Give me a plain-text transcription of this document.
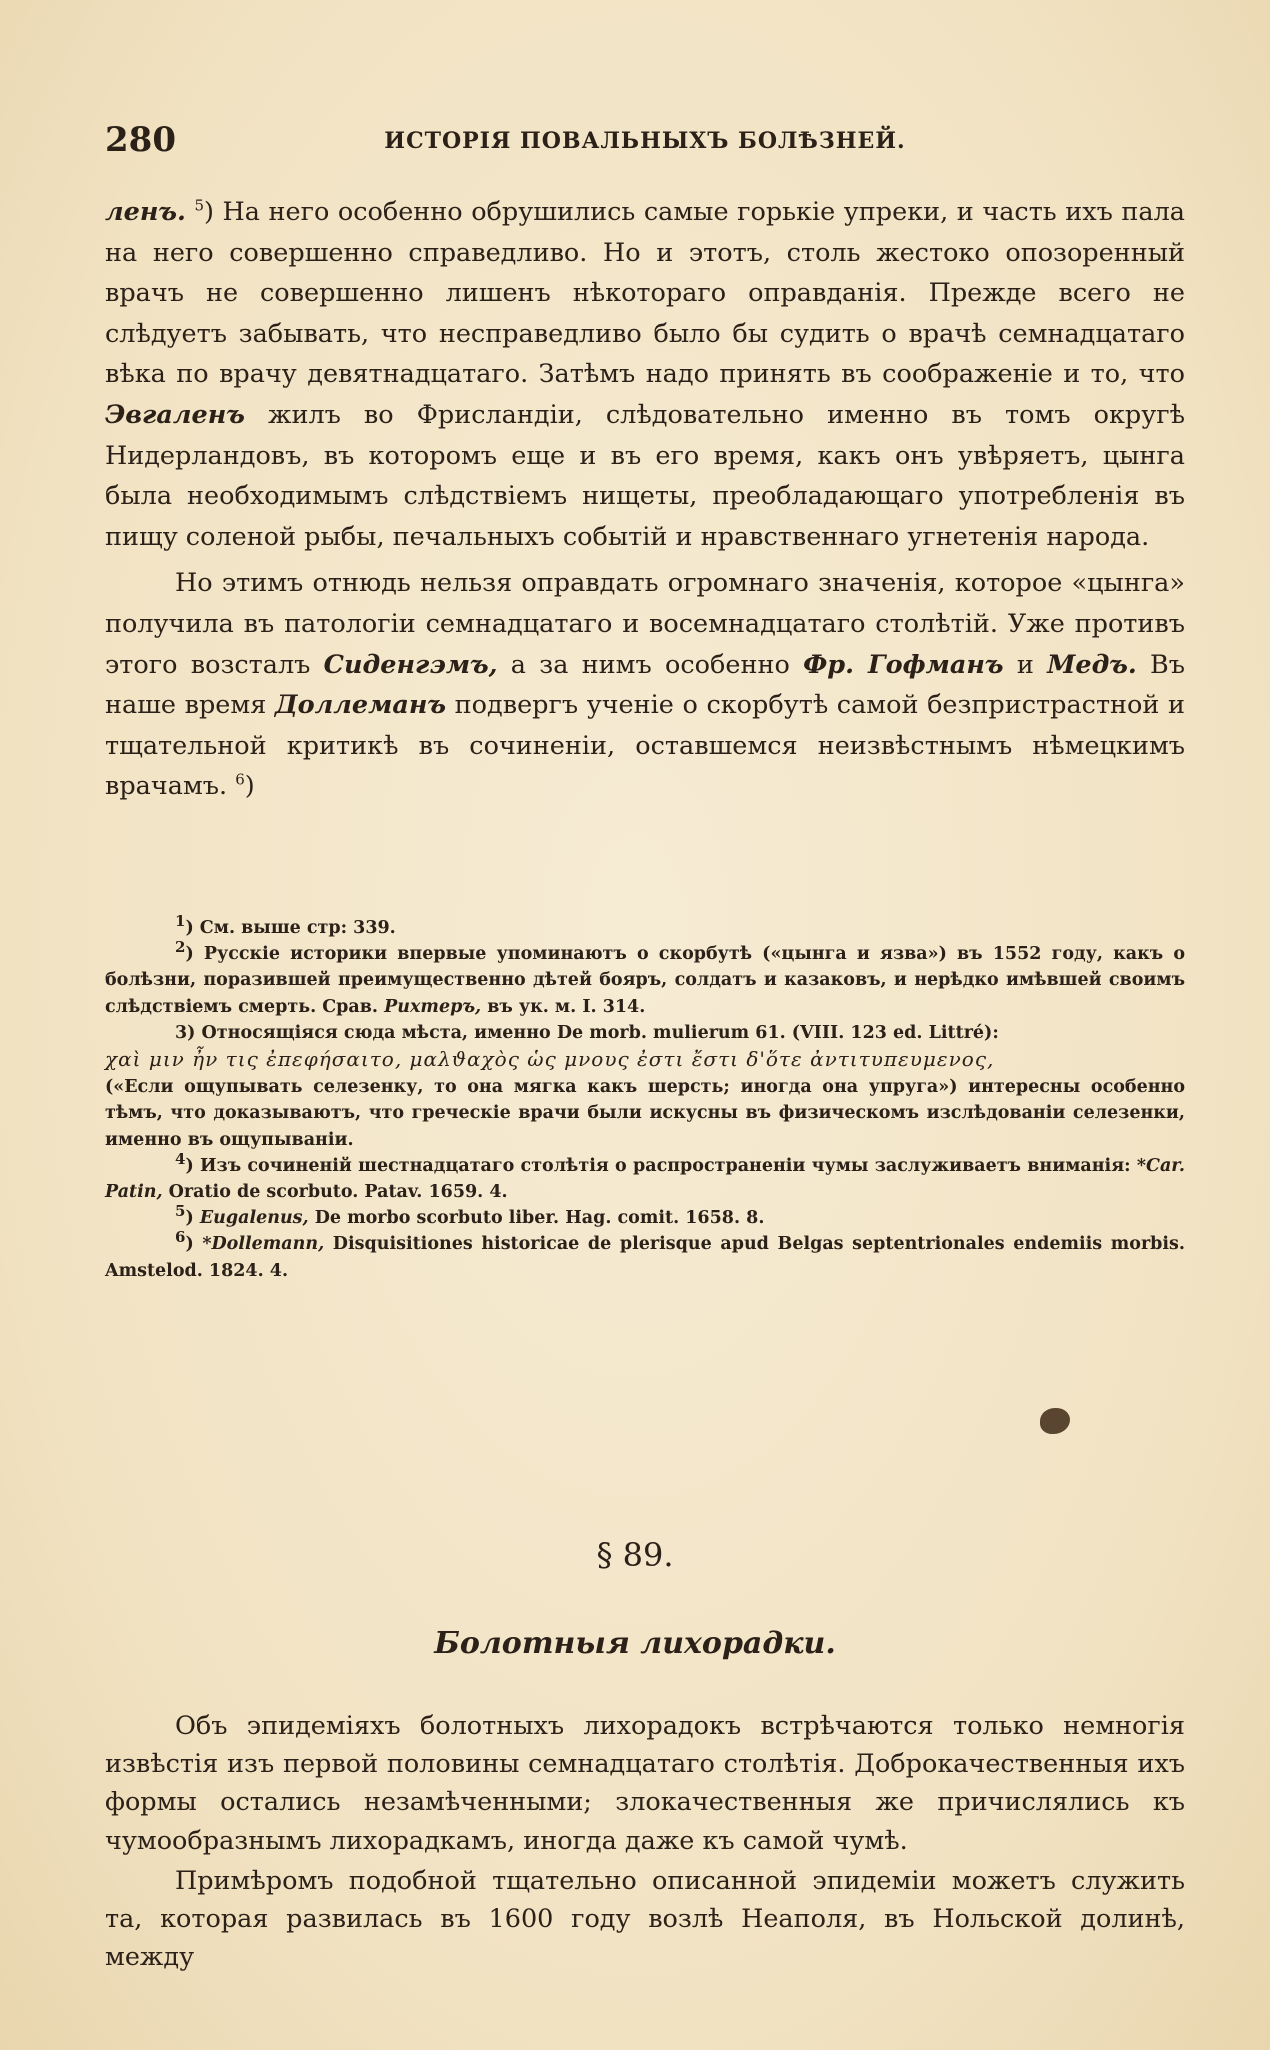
280	ИСТОРІЯ ПОВАЛЬНЫХЪ БОЛѢЗНЕЙ.

ленъ. $^5$) На него особенно обрушились самые горькіе упреки, и часть ихъ пала на него совершенно справедливо. Но и этотъ, столь жестоко опозоренный врачъ не совершенно лишенъ нѣкотораго оправданія. Прежде всего не слѣдуетъ забывать, что несправедливо было бы судить о врачѣ семнадцатаго вѣка по врачу девятнадцатаго. Затѣмъ надо принять въ соображеніе и то, что Эвгаленъ жилъ во Фрисландіи, слѣдовательно именно въ томъ округѣ Нидерландовъ, въ которомъ еще и въ его время, какъ онъ увѣряетъ, цынга была необходимымъ слѣдствіемъ нищеты, преобладающаго употребленія въ пищу соленой рыбы, печальныхъ событій и нравственнаго угнетенія народа.

Но этимъ отнюдь нельзя оправдать огромнаго значенія, которое «цынга» получила въ патологіи семнадцатаго и восемнадцатаго столѣтій. Уже противъ этого возсталъ Сиденгэмъ, а за нимъ особенно Фр. Гофманъ и Медъ. Въ наше время Доллеманъ подвергъ ученіе о скорбутѣ самой безпристрастной и тщательной критикѣ въ сочиненіи, оставшемся неизвѣстнымъ нѣмецкимъ врачамъ. $^6$)

$^1$) См. выше стр: 339.

$^2$) Русскіе историки впервые упоминаютъ о скорбутѣ («цынга и язва») въ 1552 году, какъ о болѣзни, поразившей преимущественно дѣтей бояръ, солдатъ и казаковъ, и нерѣдко имѣвшей своимъ слѣдствіемъ смерть. Срав. Рихтеръ, въ ук. м. I. 314.

3) Относящіяся сюда мѣста, именно De morb. mulierum 61. (VIII. 123 ed. Littré):
χαὶ μιν ἦν τις ἐπεφήσαιτο, μαλϑαχὸς ὡς μνους ἐστι ἔστι δ'ὅτε ἀντιτυπευμενος,
(«Если ощупывать селезенку, то она мягка какъ шерсть; иногда она упруга») интересны особенно тѣмъ, что доказываютъ, что греческіе врачи были искусны въ физическомъ изслѣдованіи селезенки, именно въ ощупываніи.

$^4$) Изъ сочиненій шестнадцатаго столѣтія о распространеніи чумы заслуживаетъ вниманія: *Car. Patin, Oratio de scorbuto. Patav. 1659. 4.

$^5$) Eugalenus, De morbo scorbuto liber. Hag. comit. 1658. 8.

$^6$) *Dollemann, Disquisitiones historicae de plerisque apud Belgas septentrionales endemiis morbis. Amstelod. 1824. 4.

§ 89.
Болотныя лихорадки.

Объ эпидеміяхъ болотныхъ лихорадокъ встрѣчаются только немногія извѣстія изъ первой половины семнадцатаго столѣтія. Доброкачественныя ихъ формы остались незамѣченными; злокачественныя же причислялись къ чумообразнымъ лихорадкамъ, иногда даже къ самой чумѣ.

Примѣромъ подобной тщательно описанной эпидеміи можетъ служить та, которая развилась въ 1600 году возлѣ Неаполя, въ Нольской долинѣ, между
